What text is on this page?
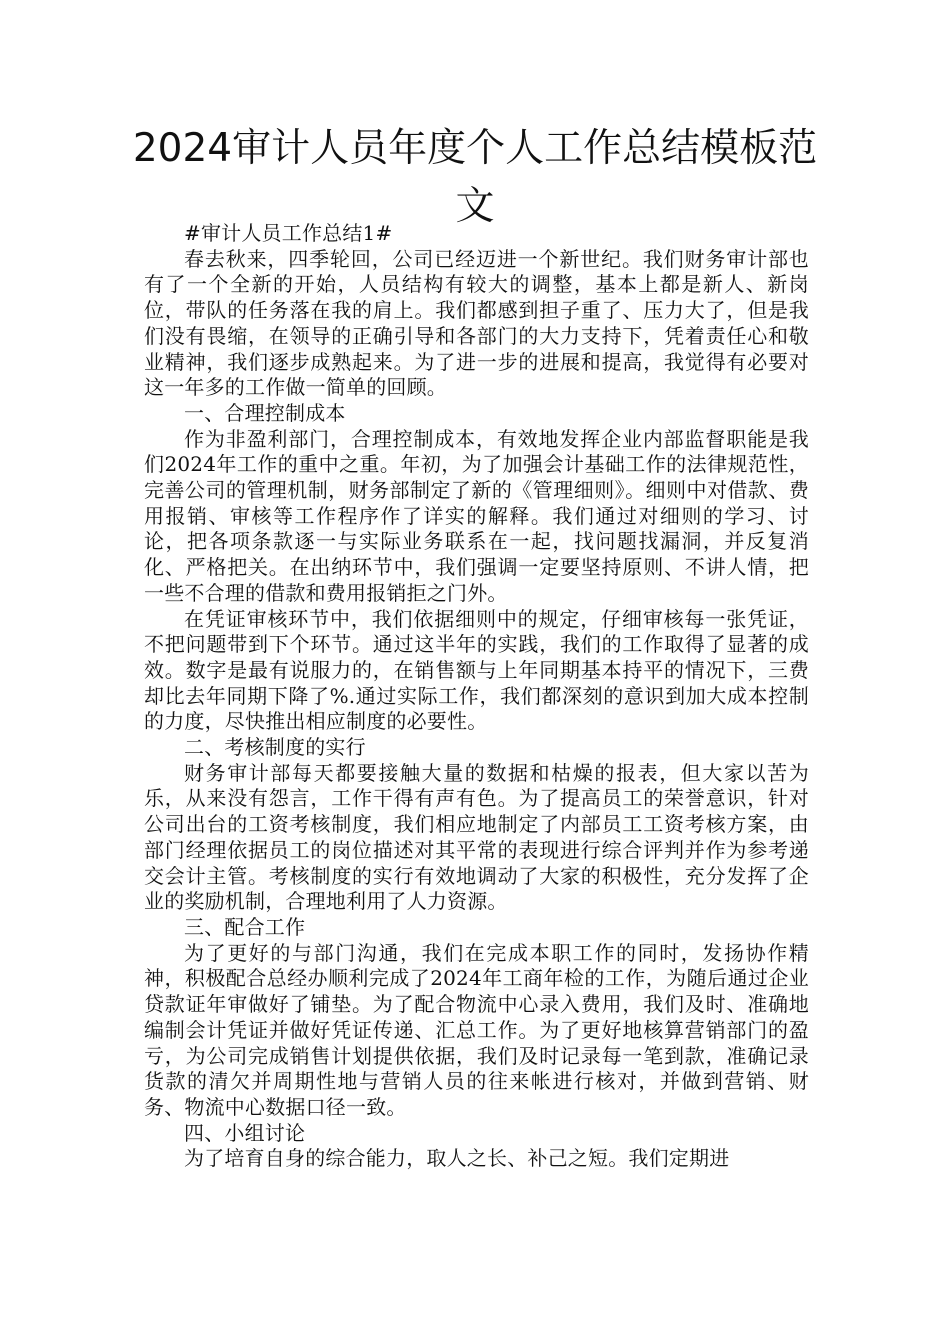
2024审计人员年度个人工作总结模板范文

#审计人员工作总结1#

春去秋来，四季轮回，公司已经迈进一个新世纪。我们财务审计部也有了一个全新的开始，人员结构有较大的调整，基本上都是新人、新岗位，带队的任务落在我的肩上。我们都感到担子重了、压力大了，但是我们没有畏缩，在领导的正确引导和各部门的大力支持下，凭着责任心和敬业精神，我们逐步成熟起来。为了进一步的进展和提高，我觉得有必要对这一年多的工作做一简单的回顾。

一、合理控制成本

作为非盈利部门，合理控制成本，有效地发挥企业内部监督职能是我们2024年工作的重中之重。年初，为了加强会计基础工作的法律规范性，完善公司的管理机制，财务部制定了新的《管理细则》。细则中对借款、费用报销、审核等工作程序作了详实的解释。我们通过对细则的学习、讨论，把各项条款逐一与实际业务联系在一起，找问题找漏洞，并反复消化、严格把关。在出纳环节中，我们强调一定要坚持原则、不讲人情，把一些不合理的借款和费用报销拒之门外。

在凭证审核环节中，我们依据细则中的规定，仔细审核每一张凭证，不把问题带到下个环节。通过这半年的实践，我们的工作取得了显著的成效。数字是最有说服力的，在销售额与上年同期基本持平的情况下，三费却比去年同期下降了%.通过实际工作，我们都深刻的意识到加大成本控制的力度，尽快推出相应制度的必要性。

二、考核制度的实行

财务审计部每天都要接触大量的数据和枯燥的报表，但大家以苦为乐，从来没有怨言，工作干得有声有色。为了提高员工的荣誉意识，针对公司出台的工资考核制度，我们相应地制定了内部员工工资考核方案，由部门经理依据员工的岗位描述对其平常的表现进行综合评判并作为参考递交会计主管。考核制度的实行有效地调动了大家的积极性，充分发挥了企业的奖励机制，合理地利用了人力资源。

三、配合工作

为了更好的与部门沟通，我们在完成本职工作的同时，发扬协作精神，积极配合总经办顺利完成了2024年工商年检的工作，为随后通过企业贷款证年审做好了铺垫。为了配合物流中心录入费用，我们及时、准确地编制会计凭证并做好凭证传递、汇总工作。为了更好地核算营销部门的盈亏，为公司完成销售计划提供依据，我们及时记录每一笔到款，准确记录货款的清欠并周期性地与营销人员的往来帐进行核对，并做到营销、财务、物流中心数据口径一致。

四、小组讨论

为了培育自身的综合能力，取人之长、补己之短。我们定期进
